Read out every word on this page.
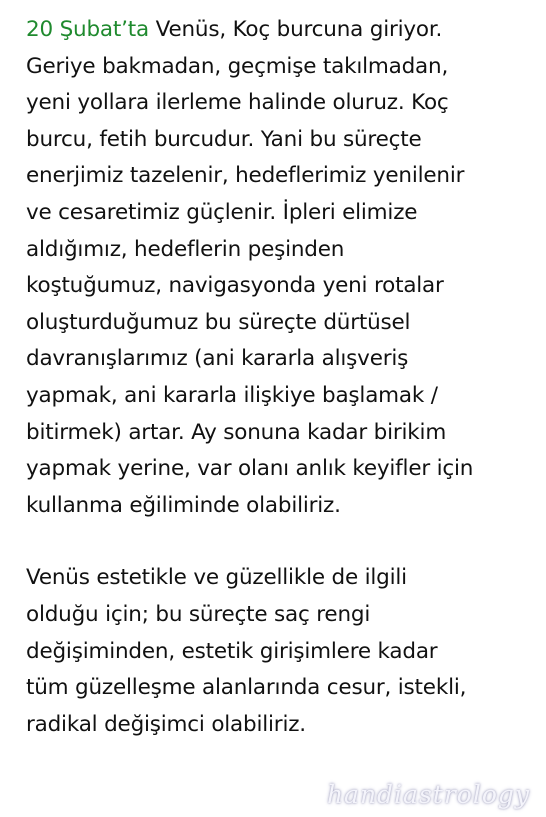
20 Şubat’ta Venüs, Koç burcuna giriyor.
Geriye bakmadan, geçmişe takılmadan,
yeni yollara ilerleme halinde oluruz. Koç
burcu, fetih burcudur. Yani bu süreçte
enerjimiz tazelenir, hedeflerimiz yenilenir
ve cesaretimiz güçlenir. İpleri elimize
aldığımız, hedeflerin peşinden
koştuğumuz, navigasyonda yeni rotalar
oluşturduğumuz bu süreçte dürtüsel
davranışlarımız (ani kararla alışveriş
yapmak, ani kararla ilişkiye başlamak /
bitirmek) artar. Ay sonuna kadar birikim
yapmak yerine, var olanı anlık keyifler için
kullanma eğiliminde olabiliriz.

Venüs estetikle ve güzellikle de ilgili
olduğu için; bu süreçte saç rengi
değişiminden, estetik girişimlere kadar
tüm güzelleşme alanlarında cesur, istekli,
radikal değişimci olabiliriz.

handiastrology
